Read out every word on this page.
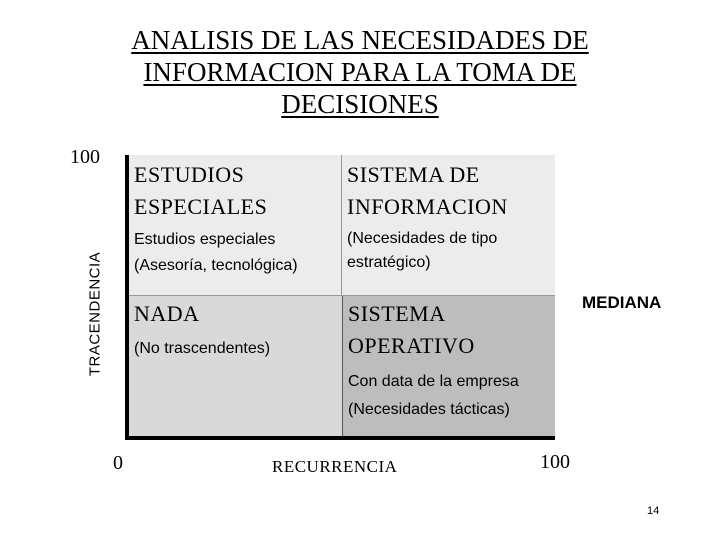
ANALISIS DE LAS NECESIDADES DE
INFORMACION PARA LA TOMA DE
DECISIONES
100
TRACENDENCIA
0	RECURRENCIA	100
MEDIANA
ESTUDIOS
ESPECIALES
Estudios especiales
(Asesoría, tecnológica)
SISTEMA DE
INFORMACION
(Necesidades de tipo
estratégico)
NADA
(No trascendentes)
SISTEMA
OPERATIVO
Con data de la empresa
(Necesidades tácticas)
14
